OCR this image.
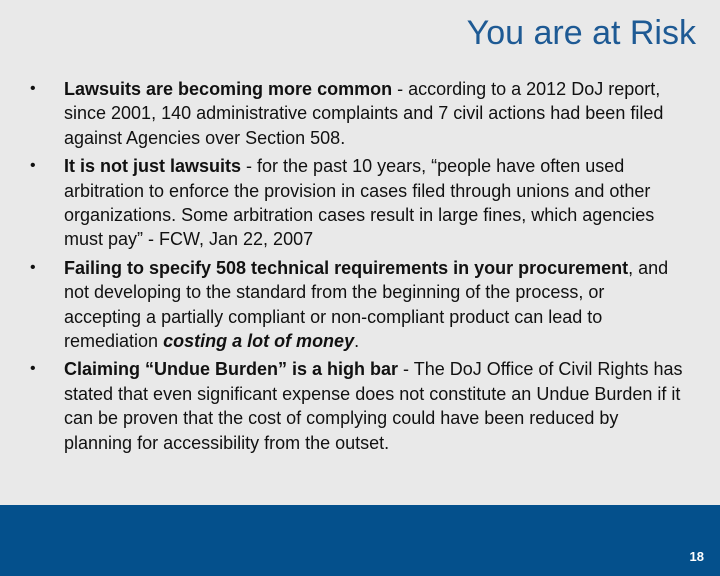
You are at Risk
• Lawsuits are becoming more common - according to a 2012 DoJ report, since 2001, 140 administrative complaints and 7 civil actions had been filed against Agencies over Section 508.
• It is not just lawsuits - for the past 10 years, “people have often used arbitration to enforce the provision in cases filed through unions and other organizations. Some arbitration cases result in large fines, which agencies must pay” - FCW, Jan 22, 2007
• Failing to specify 508 technical requirements in your procurement, and not developing to the standard from the beginning of the process, or accepting a partially compliant or non-compliant product can lead to remediation costing a lot of money.
• Claiming “Undue Burden” is a high bar - The DoJ Office of Civil Rights has stated that even significant expense does not constitute an Undue Burden if it can be proven that the cost of complying could have been reduced by planning for accessibility from the outset.
18
